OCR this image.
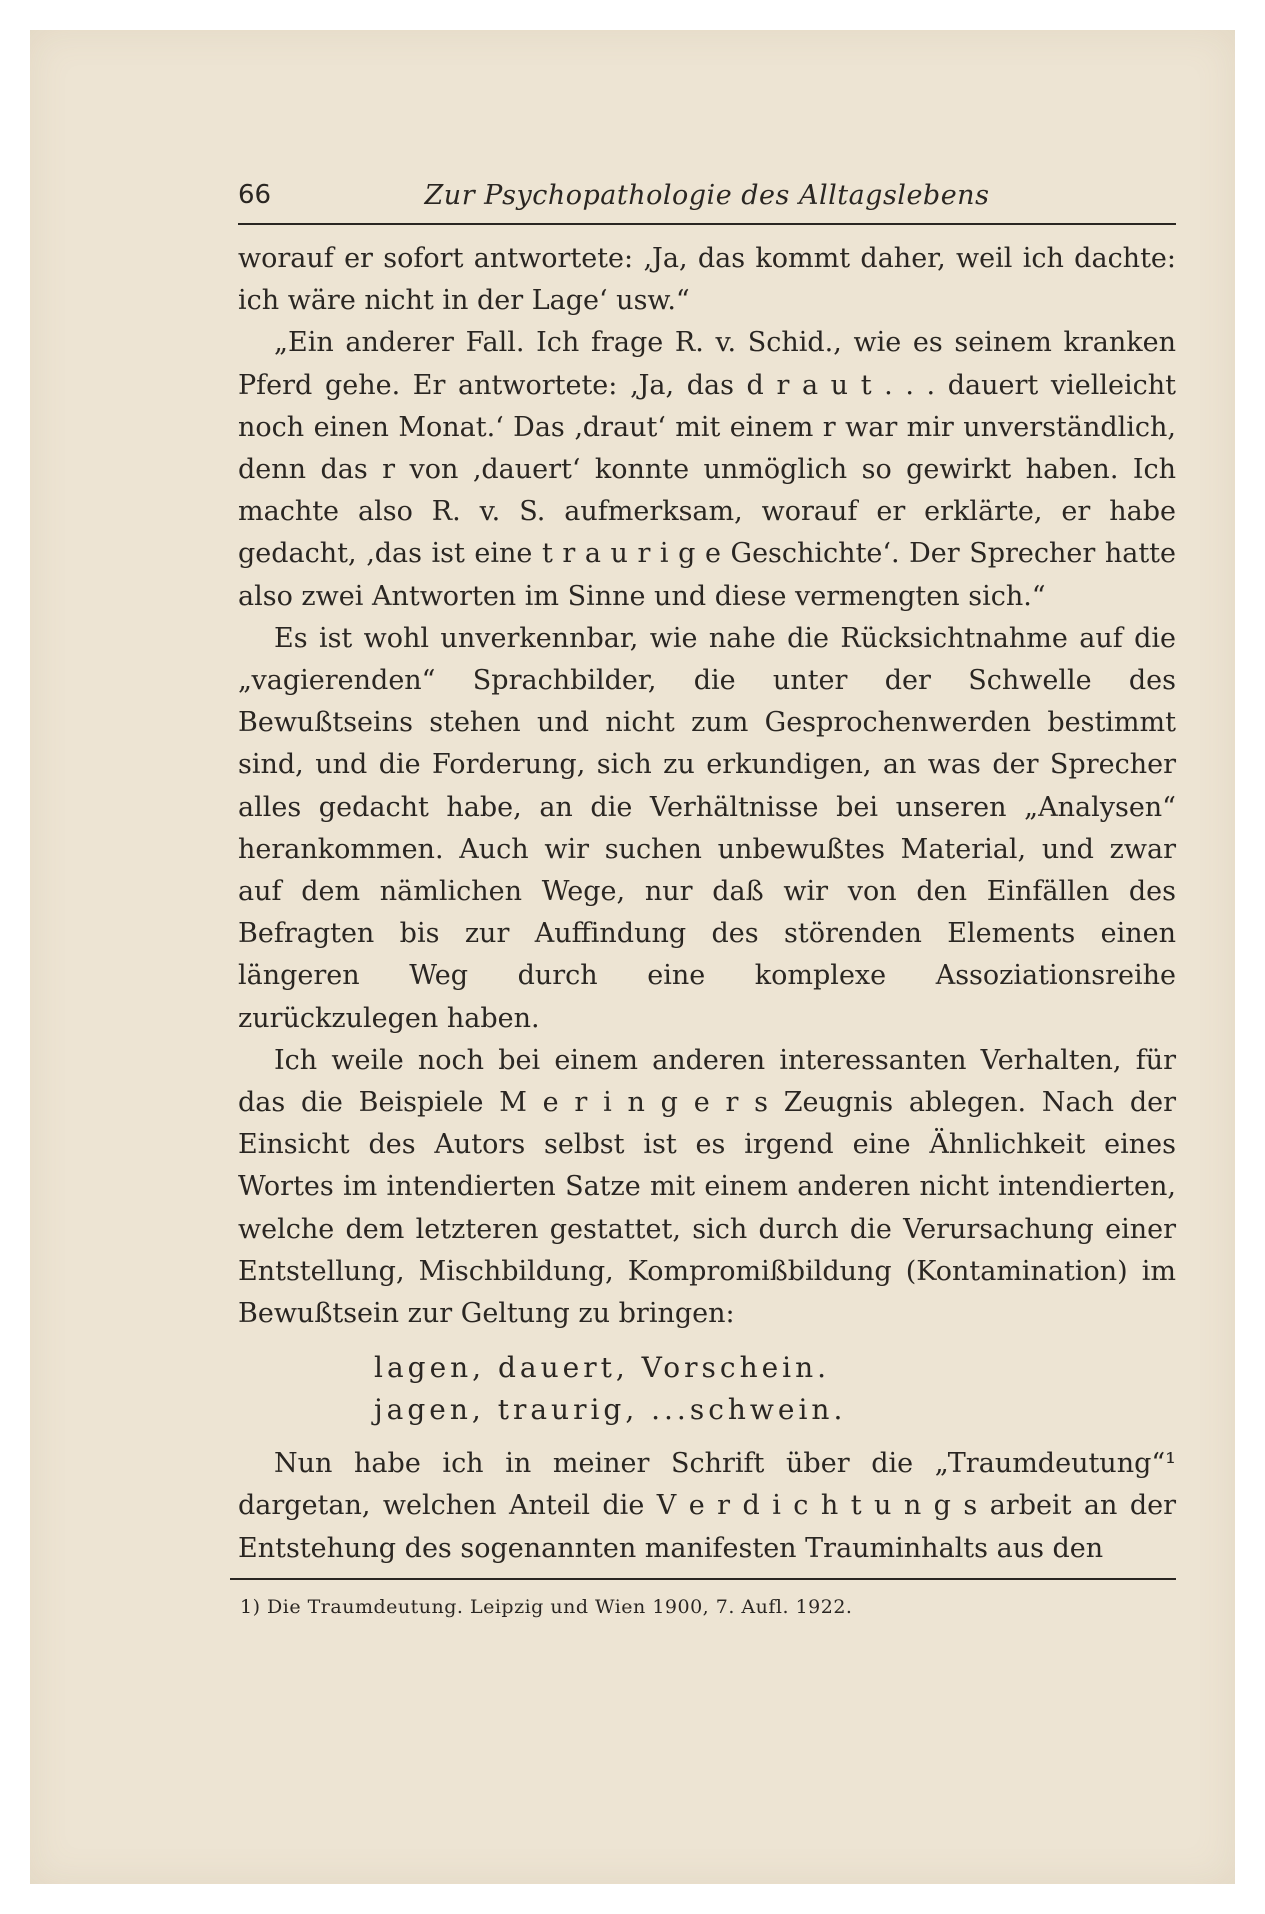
66	Zur Psychopathologie des Alltagslebens

worauf er sofort antwortete: ‚Ja, das kommt daher, weil ich dachte: ich wäre nicht in der Lage‘ usw.“

„Ein anderer Fall. Ich frage R. v. Schid., wie es seinem kranken Pferd gehe. Er antwortete: ‚Ja, das d r a u t . . . dauert vielleicht noch einen Monat.‘ Das ‚draut‘ mit einem r war mir unverständlich, denn das r von ‚dauert‘ konnte unmöglich so gewirkt haben. Ich machte also R. v. S. aufmerksam, worauf er erklärte, er habe gedacht, ‚das ist eine t r a u r i g e Geschichte‘. Der Sprecher hatte also zwei Antworten im Sinne und diese vermengten sich.“

Es ist wohl unverkennbar, wie nahe die Rücksichtnahme auf die „vagierenden“ Sprachbilder, die unter der Schwelle des Bewußtseins stehen und nicht zum Gesprochenwerden bestimmt sind, und die Forderung, sich zu erkundigen, an was der Sprecher alles gedacht habe, an die Verhältnisse bei unseren „Analysen“ herankommen. Auch wir suchen unbewußtes Material, und zwar auf dem nämlichen Wege, nur daß wir von den Einfällen des Befragten bis zur Auffindung des störenden Elements einen längeren Weg durch eine komplexe Assoziationsreihe zurückzulegen haben.

Ich weile noch bei einem anderen interessanten Verhalten, für das die Beispiele M e r i n g e r s Zeugnis ablegen. Nach der Einsicht des Autors selbst ist es irgend eine Ähnlichkeit eines Wortes im intendierten Satze mit einem anderen nicht intendierten, welche dem letzteren gestattet, sich durch die Verursachung einer Entstellung, Mischbildung, Kompromißbildung (Kontamination) im Bewußtsein zur Geltung zu bringen:

lagen, dauert, Vorschein.
jagen, traurig, ...schwein.

Nun habe ich in meiner Schrift über die „Traumdeutung“¹ dargetan, welchen Anteil die V e r d i c h t u n g s arbeit an der Entstehung des sogenannten manifesten Trauminhalts aus den

1) Die Traumdeutung. Leipzig und Wien 1900, 7. Aufl. 1922.
